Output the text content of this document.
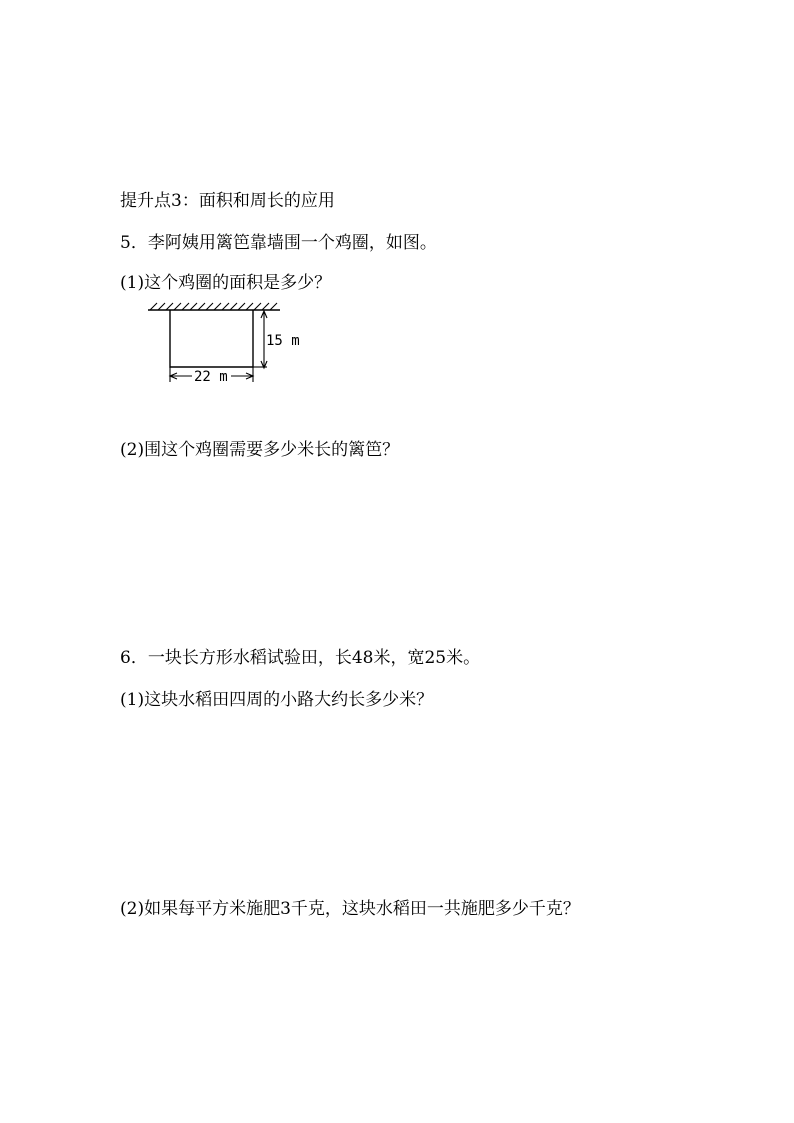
提升点3：面积和周长的应用
5．李阿姨用篱笆靠墙围一个鸡圈，如图。
(1)这个鸡圈的面积是多少？
15 m
22 m
(2)围这个鸡圈需要多少米长的篱笆？
6．一块长方形水稻试验田，长48米，宽25米。
(1)这块水稻田四周的小路大约长多少米？
(2)如果每平方米施肥3千克，这块水稻田一共施肥多少千克？
